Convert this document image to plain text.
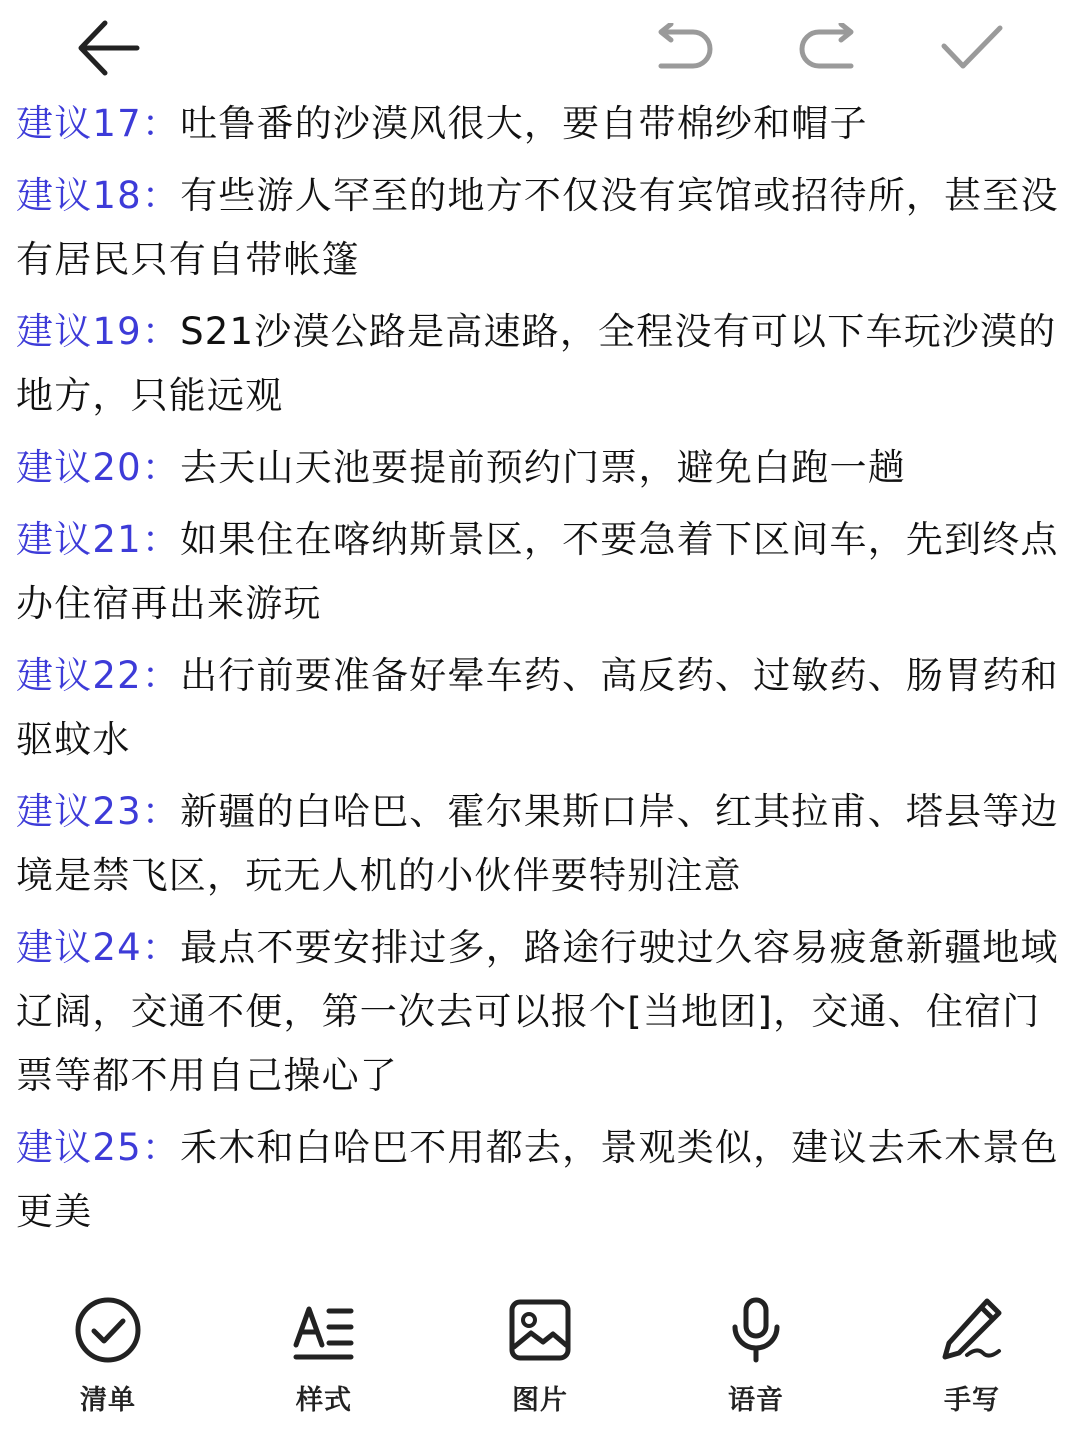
建议17：吐鲁番的沙漠风很大，要自带棉纱和帽子

建议18：有些游人罕至的地方不仅没有宾馆或招待所，甚至没有居民只有自带帐篷

建议19：S21沙漠公路是高速路，全程没有可以下车玩沙漠的地方，只能远观

建议20：去天山天池要提前预约门票，避免白跑一趟

建议21：如果住在喀纳斯景区，不要急着下区间车，先到终点办住宿再出来游玩

建议22：出行前要准备好晕车药、高反药、过敏药、肠胃药和驱蚊水

建议23：新疆的白哈巴、霍尔果斯口岸、红其拉甫、塔县等边境是禁飞区，玩无人机的小伙伴要特别注意

建议24：最点不要安排过多，路途行驶过久容易疲惫新疆地域辽阔，交通不便，第一次去可以报个[当地团]，交通、住宿门票等都不用自己操心了

建议25：禾木和白哈巴不用都去，景观类似，建议去禾木景色更美

清单	样式	图片	语音	手写
